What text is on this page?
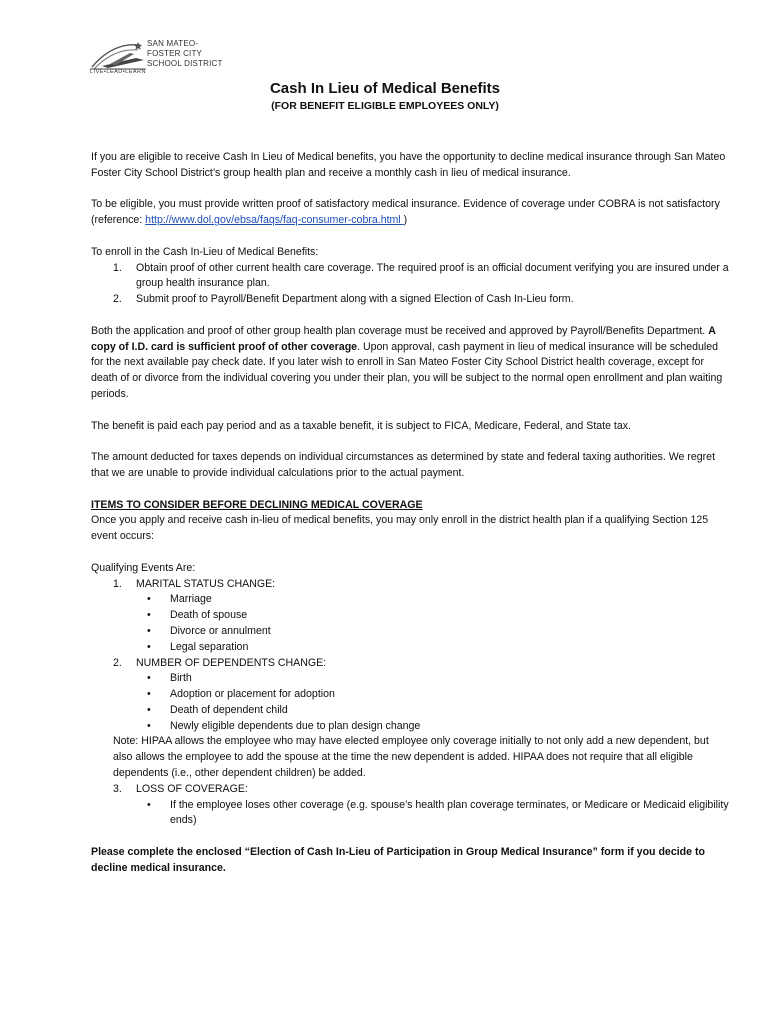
SAN MATEO-
FOSTER CITY
SCHOOL DISTRICT
LIVE•LEAD•LEARN
Cash In Lieu of Medical Benefits
(FOR BENEFIT ELIGIBLE EMPLOYEES ONLY)

If you are eligible to receive Cash In Lieu of Medical benefits, you have the opportunity to decline medical insurance through San Mateo Foster City School District’s group health plan and receive a monthly cash in lieu of medical insurance.

To be eligible, you must provide written proof of satisfactory medical insurance. Evidence of coverage under COBRA is not satisfactory (reference: http://www.dol.gov/ebsa/faqs/faq-consumer-cobra.html )

To enroll in the Cash In-Lieu of Medical Benefits:

1. Obtain proof of other current health care coverage. The required proof is an official document verifying you are insured under a group health insurance plan.
2. Submit proof to Payroll/Benefit Department along with a signed Election of Cash In-Lieu form.

Both the application and proof of other group health plan coverage must be received and approved by Payroll/Benefits Department. A copy of I.D. card is sufficient proof of other coverage. Upon approval, cash payment in lieu of medical insurance will be scheduled for the next available pay check date. If you later wish to enroll in San Mateo Foster City School District health coverage, except for death of or divorce from the individual covering you under their plan, you will be subject to the normal open enrollment and plan waiting periods.

The benefit is paid each pay period and as a taxable benefit, it is subject to FICA, Medicare, Federal, and State tax.

The amount deducted for taxes depends on individual circumstances as determined by state and federal taxing authorities. We regret that we are unable to provide individual calculations prior to the actual payment.

ITEMS TO CONSIDER BEFORE DECLINING MEDICAL COVERAGE

Once you apply and receive cash in-lieu of medical benefits, you may only enroll in the district health plan if a qualifying Section 125 event occurs:

Qualifying Events Are:
1. MARITAL STATUS CHANGE:
• Marriage
• Death of spouse
• Divorce or annulment
• Legal separation
2. NUMBER OF DEPENDENTS CHANGE:
• Birth
• Adoption or placement for adoption
• Death of dependent child
• Newly eligible dependents due to plan design change
Note: HIPAA allows the employee who may have elected employee only coverage initially to not only add a new dependent, but also allows the employee to add the spouse at the time the new dependent is added. HIPAA does not require that all eligible dependents (i.e., other dependent children) be added.
3. LOSS OF COVERAGE:
• If the employee loses other coverage (e.g. spouse’s health plan coverage terminates, or Medicare or Medicaid eligibility ends)

Please complete the enclosed “Election of Cash In-Lieu of Participation in Group Medical Insurance” form if you decide to decline medical insurance.
